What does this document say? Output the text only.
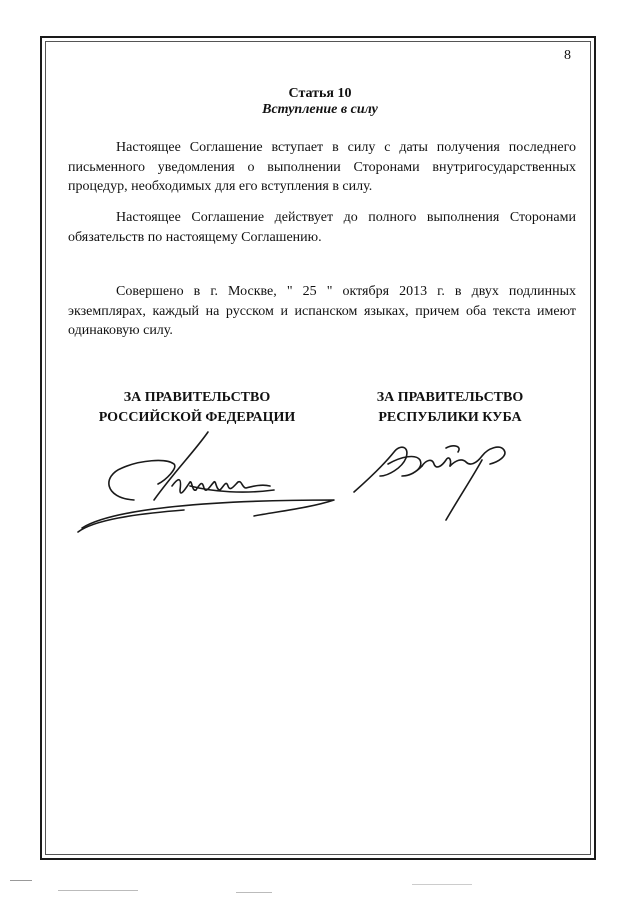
8
Статья 10
Вступление в силу

Настоящее Соглашение вступает в силу с даты получения последнего письменного уведомления о выполнении Сторонами внутригосударственных процедур, необходимых для его вступления в силу.

Настоящее Соглашение действует до полного выполнения Сторонами обязательств по настоящему Соглашению.

Совершено в г. Москве, " 25 " октября 2013 г. в двух подлинных экземплярах, каждый на русском и испанском языках, причем оба текста имеют одинаковую силу.

ЗА ПРАВИТЕЛЬСТВО
РОССИЙСКОЙ ФЕДЕРАЦИИ
ЗА ПРАВИТЕЛЬСТВО
РЕСПУБЛИКИ КУБА
